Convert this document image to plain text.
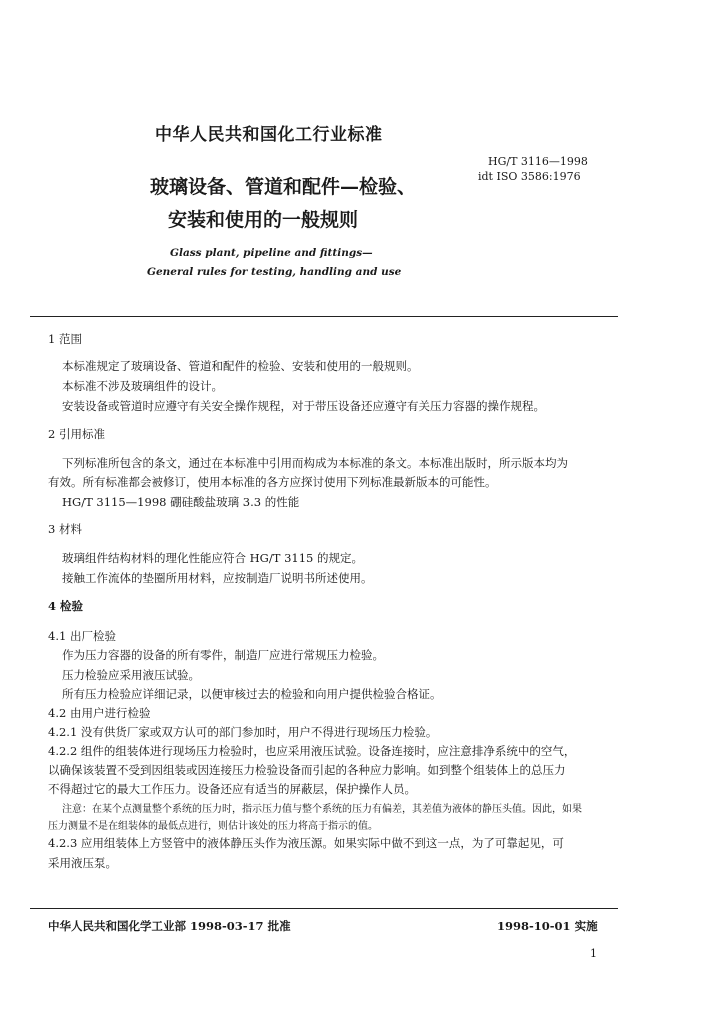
中华人民共和国化工行业标准
HG/T 3116—1998
idt ISO 3586:1976
玻璃设备、管道和配件—检验、
安装和使用的一般规则
Glass plant, pipeline and fittings—
General rules for testing, handling and use
1 范围
本标准规定了玻璃设备、管道和配件的检验、安装和使用的一般规则。
本标准不涉及玻璃组件的设计。
安装设备或管道时应遵守有关安全操作规程，对于带压设备还应遵守有关压力容器的操作规程。
2 引用标准
下列标准所包含的条文，通过在本标准中引用而构成为本标准的条文。本标准出版时，所示版本均为
有效。所有标准都会被修订，使用本标准的各方应探讨使用下列标准最新版本的可能性。
HG/T 3115—1998 硼硅酸盐玻璃 3.3 的性能
3 材料
玻璃组件结构材料的理化性能应符合 HG/T 3115 的规定。
接触工作流体的垫圈所用材料，应按制造厂说明书所述使用。
4 检验
4.1 出厂检验
作为压力容器的设备的所有零件，制造厂应进行常规压力检验。
压力检验应采用液压试验。
所有压力检验应详细记录，以便审核过去的检验和向用户提供检验合格证。
4.2 由用户进行检验
4.2.1 没有供货厂家或双方认可的部门参加时，用户不得进行现场压力检验。
4.2.2 组件的组装体进行现场压力检验时，也应采用液压试验。设备连接时，应注意排净系统中的空气，
以确保该装置不受到因组装或因连接压力检验设备而引起的各种应力影响。如到整个组装体上的总压力
不得超过它的最大工作压力。设备还应有适当的屏蔽层，保护操作人员。
注意：在某个点测量整个系统的压力时，指示压力值与整个系统的压力有偏差，其差值为液体的静压头值。因此，如果
压力测量不是在组装体的最低点进行，则估计该处的压力将高于指示的值。
4.2.3 应用组装体上方竖管中的液体静压头作为液压源。如果实际中做不到这一点，为了可靠起见，可
采用液压泵。
中华人民共和国化学工业部 1998-03-17 批准	1998-10-01 实施
1
